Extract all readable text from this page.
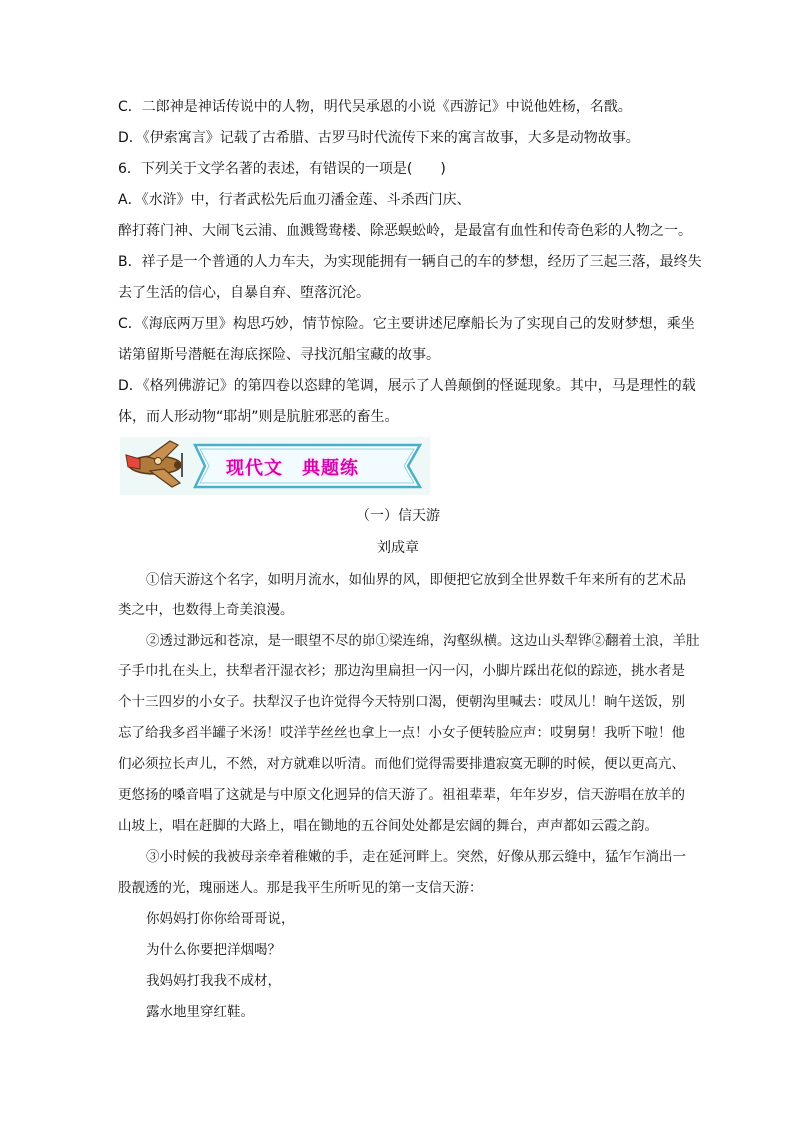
C．二郎神是神话传说中的人物，明代吴承恩的小说《西游记》中说他姓杨，名戬。
D．《伊索寓言》记载了古希腊、古罗马时代流传下来的寓言故事，大多是动物故事。
6．下列关于文学名著的表述，有错误的一项是(　　)
A．《水浒》中，行者武松先后血刃潘金莲、斗杀西门庆、
醉打蒋门神、大闹飞云浦、血溅鸳鸯楼、除恶蜈蚣岭，是最富有血性和传奇色彩的人物之一。
B．祥子是一个普通的人力车夫，为实现能拥有一辆自己的车的梦想，经历了三起三落，最终失
去了生活的信心，自暴自弃、堕落沉沦。
C．《海底两万里》构思巧妙，情节惊险。它主要讲述尼摩船长为了实现自己的发财梦想，乘坐
诺第留斯号潜艇在海底探险、寻找沉船宝藏的故事。
D．《格列佛游记》的第四卷以恣肆的笔调，展示了人兽颠倒的怪诞现象。其中，马是理性的载
体，而人形动物“耶胡”则是肮脏邪恶的畜生。
现代文　典题练
（一）信天游
刘成章
①信天游这个名字，如明月流水，如仙界的风，即便把它放到全世界数千年来所有的艺术品
类之中，也数得上奇美浪漫。
②透过渺远和苍凉，是一眼望不尽的峁①梁连绵，沟壑纵横。这边山头犁铧②翻着土浪，羊肚
子手巾扎在头上，扶犁者汗湿衣衫；那边沟里扁担一闪一闪，小脚片踩出花似的踪迹，挑水者是
个十三四岁的小女子。扶犁汉子也许觉得今天特别口渴，便朝沟里喊去：哎凤儿！晌午送饭，别
忘了给我多舀半罐子米汤！哎洋芋丝丝也拿上一点！小女子便转脸应声：哎舅舅！我听下啦！他
们必须拉长声儿，不然，对方就难以听清。而他们觉得需要排遣寂寞无聊的时候，便以更高亢、
更悠扬的嗓音唱了这就是与中原文化迥异的信天游了。祖祖辈辈，年年岁岁，信天游唱在放羊的
山坡上，唱在赶脚的大路上，唱在锄地的五谷间处处都是宏阔的舞台，声声都如云霞之韵。
③小时候的我被母亲牵着稚嫩的手，走在延河畔上。突然，好像从那云缝中，猛乍乍淌出一
股靓透的光，瑰丽迷人。那是我平生所听见的第一支信天游：
你妈妈打你你给哥哥说，
为什么你要把洋烟喝？
我妈妈打我我不成材，
露水地里穿红鞋。
